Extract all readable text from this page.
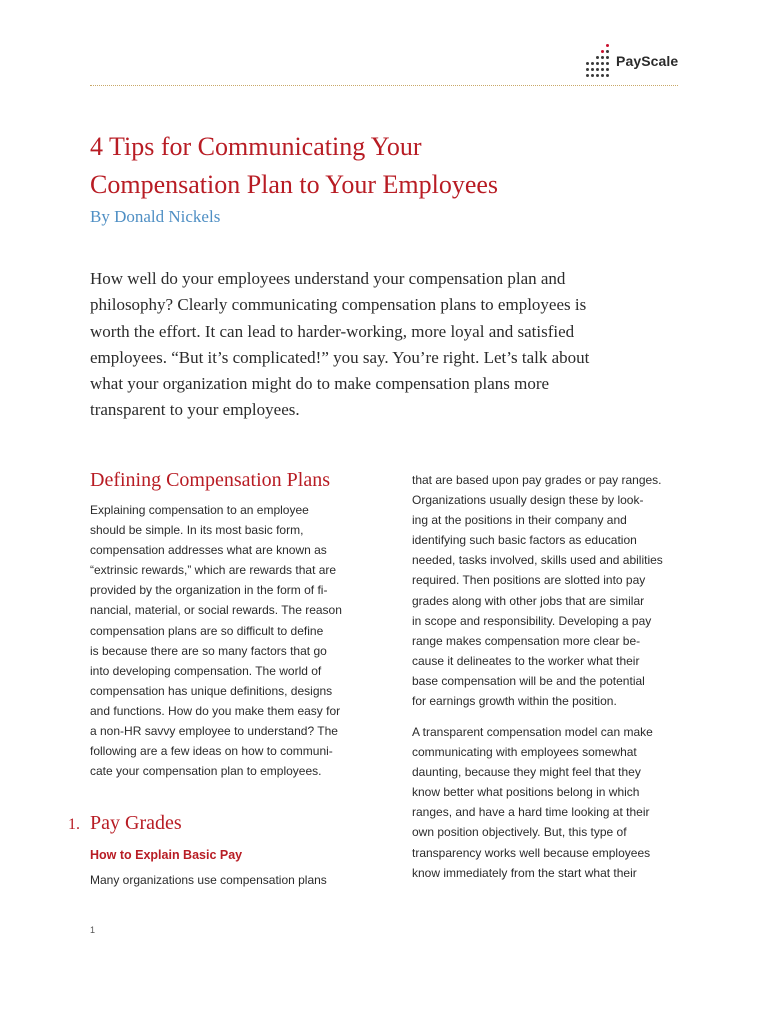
PayScale
4 Tips for Communicating Your
Compensation Plan to Your Employees
By Donald Nickels
How well do your employees understand your compensation plan and
philosophy? Clearly communicating compensation plans to employees is
worth the effort. It can lead to harder-working, more loyal and satisfied
employees. “But it’s complicated!” you say. You’re right. Let’s talk about
what your organization might do to make compensation plans more
transparent to your employees.
Defining Compensation Plans
Explaining compensation to an employee
should be simple. In its most basic form,
compensation addresses what are known as
“extrinsic rewards,” which are rewards that are
provided by the organization in the form of fi-
nancial, material, or social rewards. The reason
compensation plans are so difficult to define
is because there are so many factors that go
into developing compensation. The world of
compensation has unique definitions, designs
and functions. How do you make them easy for
a non-HR savvy employee to understand? The
following are a few ideas on how to communi-
cate your compensation plan to employees.
1. Pay Grades
How to Explain Basic Pay
Many organizations use compensation plans
that are based upon pay grades or pay ranges.
Organizations usually design these by look-
ing at the positions in their company and
identifying such basic factors as education
needed, tasks involved, skills used and abilities
required. Then positions are slotted into pay
grades along with other jobs that are similar
in scope and responsibility. Developing a pay
range makes compensation more clear be-
cause it delineates to the worker what their
base compensation will be and the potential
for earnings growth within the position.
A transparent compensation model can make
communicating with employees somewhat
daunting, because they might feel that they
know better what positions belong in which
ranges, and have a hard time looking at their
own position objectively. But, this type of
transparency works well because employees
know immediately from the start what their
1
